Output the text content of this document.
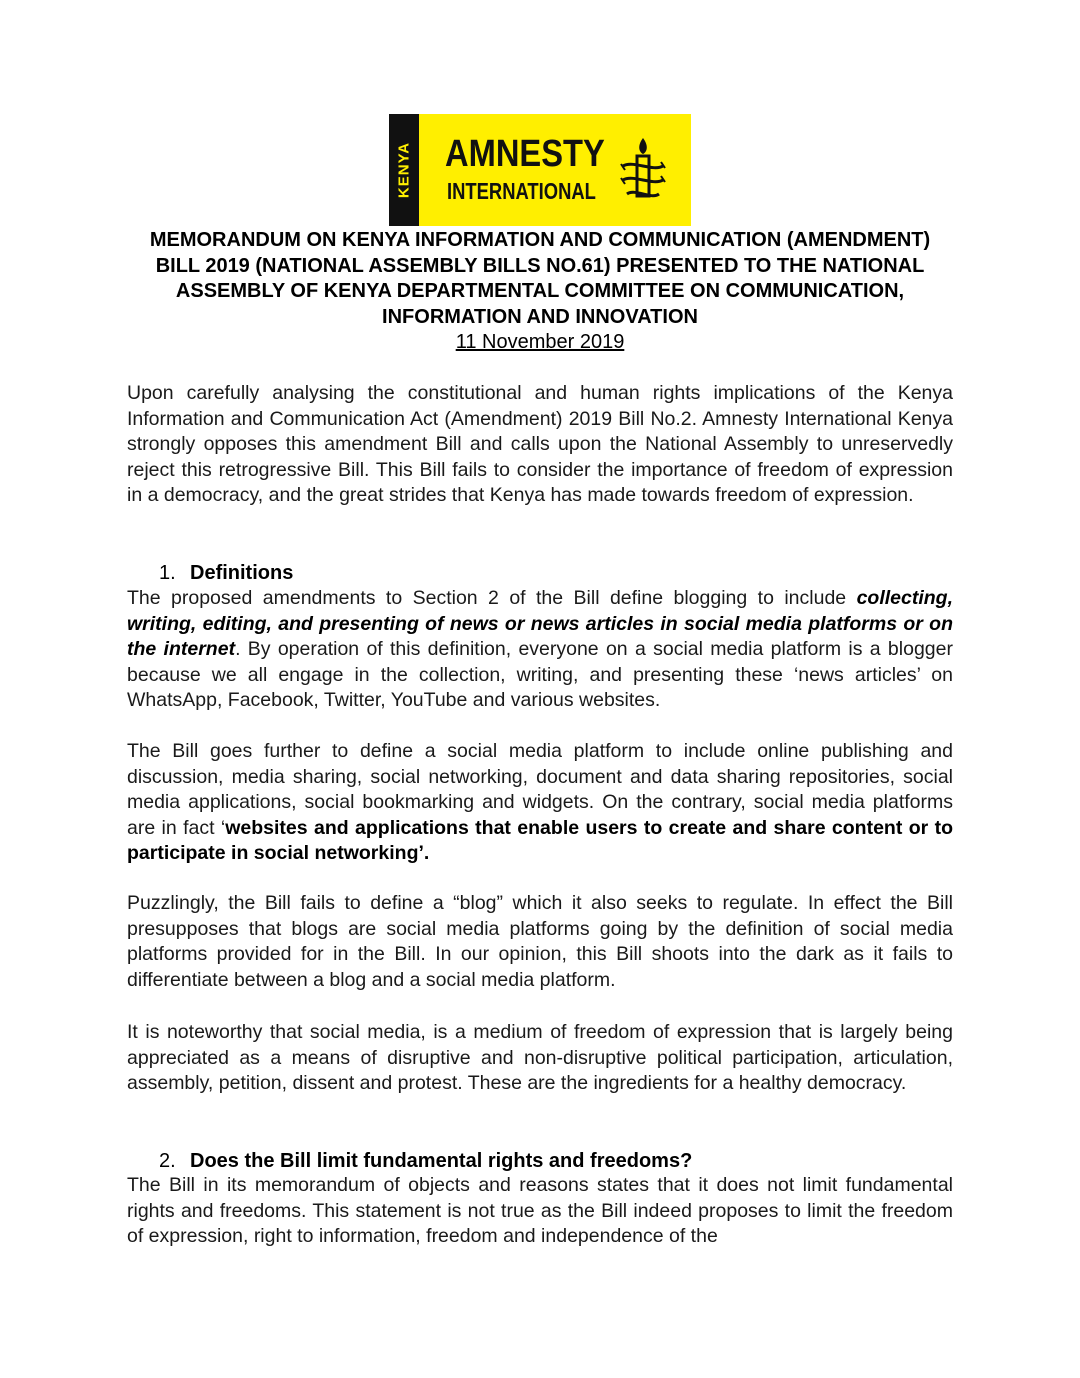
KENYA AMNESTY
INTERNATIONAL
MEMORANDUM ON KENYA INFORMATION AND COMMUNICATION (AMENDMENT)
BILL 2019 (NATIONAL ASSEMBLY BILLS NO.61) PRESENTED TO THE NATIONAL
ASSEMBLY OF KENYA DEPARTMENTAL COMMITTEE ON COMMUNICATION,
INFORMATION AND INNOVATION
11 November 2019
Upon carefully analysing the constitutional and human rights implications of the Kenya Information and Communication Act (Amendment) 2019 Bill No.2. Amnesty International Kenya strongly opposes this amendment Bill and calls upon the National Assembly to unreservedly reject this retrogressive Bill. This Bill fails to consider the importance of freedom of expression in a democracy, and the great strides that Kenya has made towards freedom of expression.
1. Definitions
The proposed amendments to Section 2 of the Bill define blogging to include collecting, writing, editing, and presenting of news or news articles in social media platforms or on the internet. By operation of this definition, everyone on a social media platform is a blogger because we all engage in the collection, writing, and presenting these ‘news articles’ on WhatsApp, Facebook, Twitter, YouTube and various websites.
The Bill goes further to define a social media platform to include online publishing and discussion, media sharing, social networking, document and data sharing repositories, social media applications, social bookmarking and widgets. On the contrary, social media platforms are in fact ‘websites and applications that enable users to create and share content or to participate in social networking’.
Puzzlingly, the Bill fails to define a “blog” which it also seeks to regulate. In effect the Bill presupposes that blogs are social media platforms going by the definition of social media platforms provided for in the Bill. In our opinion, this Bill shoots into the dark as it fails to differentiate between a blog and a social media platform.
It is noteworthy that social media, is a medium of freedom of expression that is largely being appreciated as a means of disruptive and non-disruptive political participation, articulation, assembly, petition, dissent and protest. These are the ingredients for a healthy democracy.
2. Does the Bill limit fundamental rights and freedoms?
The Bill in its memorandum of objects and reasons states that it does not limit fundamental rights and freedoms. This statement is not true as the Bill indeed proposes to limit the freedom of expression, right to information, freedom and independence of the
